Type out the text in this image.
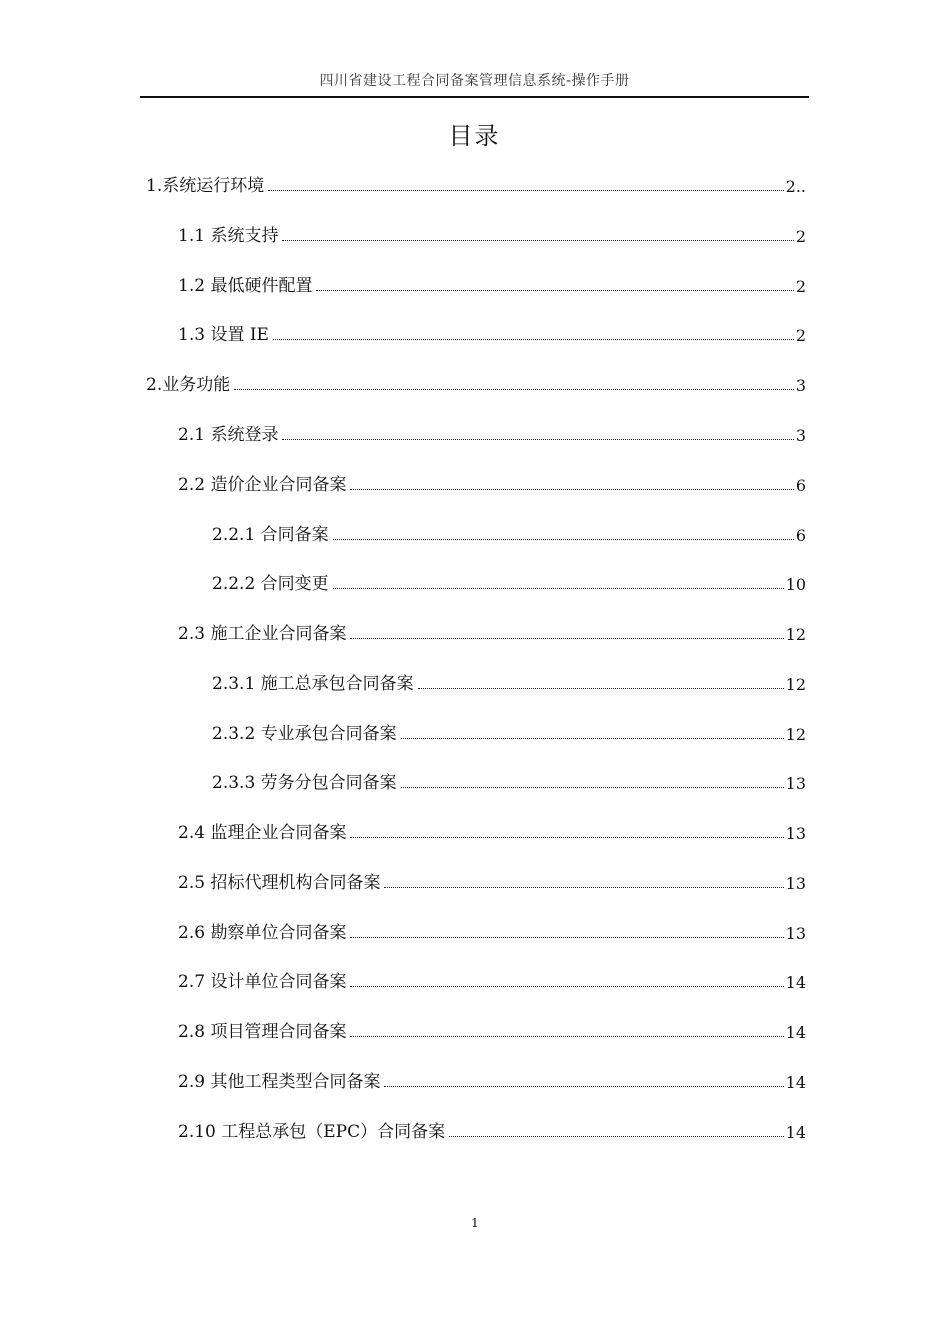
四川省建设工程合同备案管理信息系统-操作手册
目录
1.系统运行环境	2..
1.1 系统支持	2
1.2 最低硬件配置	2
1.3 设置 IE	2
2.业务功能	3
2.1 系统登录	3
2.2 造价企业合同备案	6
2.2.1 合同备案	6
2.2.2 合同变更	10
2.3 施工企业合同备案	12
2.3.1 施工总承包合同备案	12
2.3.2 专业承包合同备案	12
2.3.3 劳务分包合同备案	13
2.4 监理企业合同备案	13
2.5 招标代理机构合同备案	13
2.6 勘察单位合同备案	13
2.7 设计单位合同备案	14
2.8 项目管理合同备案	14
2.9 其他工程类型合同备案	14
2.10 工程总承包（EPC）合同备案	14
1
